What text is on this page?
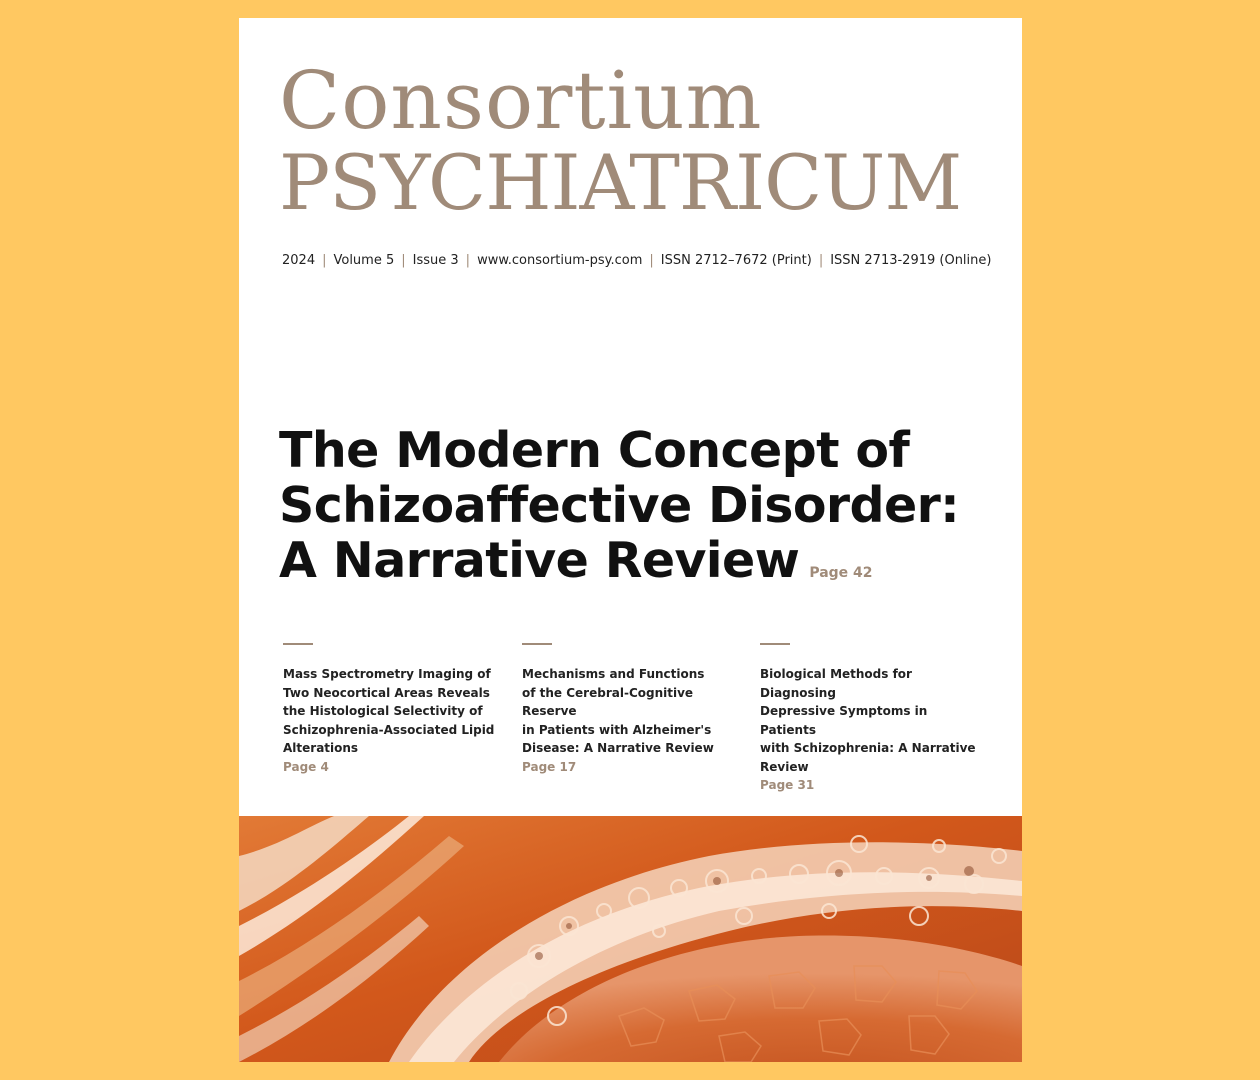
Consortium
PSYCHIATRICUM
2024 | Volume 5 | Issue 3 | www.consortium-psy.com | ISSN 2712–7672 (Print) | ISSN 2713-2919 (Online)
The Modern Concept of
Schizoaffective Disorder:
A Narrative Review Page 42
Mass Spectrometry Imaging of
Two Neocortical Areas Reveals
the Histological Selectivity of
Schizophrenia-Associated Lipid
Alterations
Page 4
Mechanisms and Functions
of the Cerebral-Cognitive Reserve
in Patients with Alzheimer's
Disease: A Narrative Review
Page 17
Biological Methods for Diagnosing
Depressive Symptoms in Patients
with Schizophrenia: A Narrative
Review
Page 31
